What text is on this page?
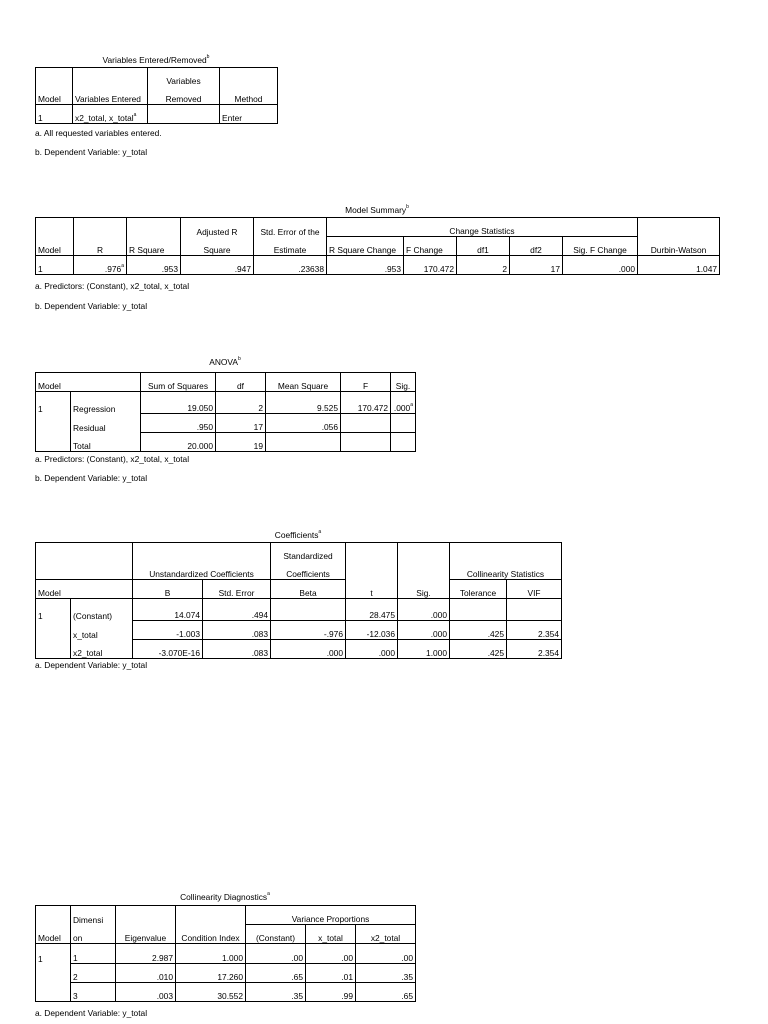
Variables Entered/Removed$^b$
		Variables	
Model	Variables Entered	Removed	Method
1	x2_total, x_total$^a$		Enter
a. All requested variables entered.
b. Dependent Variable: y_total
Model Summary$^b$
			Adjusted R	Std. Error of the	Change Statistics					
Model	R	R Square	Square	Estimate	R Square Change	F Change	df1	df2	Sig. F Change	Durbin-Watson
1	.976$^a$	.953	.947	.23638	.953	170.472	2	17	.000	1.047
a. Predictors: (Constant), x2_total, x_total
b. Dependent Variable: y_total
ANOVA$^b$
Model		Sum of Squares	df	Mean Square	F	Sig.
1	Regression	19.050	2	9.525	170.472	.000$^a$
	Residual	.950	17	.056		
	Total	20.000	19			
a. Predictors: (Constant), x2_total, x_total
b. Dependent Variable: y_total
Coefficients$^a$
				Standardized				
		Unstandardized Coefficients		Coefficients			Collinearity Statistics	
Model		B	Std. Error	Beta	t	Sig.	Tolerance	VIF
1	(Constant)	14.074	.494		28.475	.000		
	x_total	-1.003	.083	-.976	-12.036	.000	.425	2.354
	x2_total	-3.070E-16	.083	.000	.000	1.000	.425	2.354
a. Dependent Variable: y_total
Collinearity Diagnostics$^a$
	Dimensi			Variance Proportions		
Model	on	Eigenvalue	Condition Index	(Constant)	x_total	x2_total
1	1	2.987	1.000	.00	.00	.00
	2	.010	17.260	.65	.01	.35
	3	.003	30.552	.35	.99	.65
a. Dependent Variable: y_total
